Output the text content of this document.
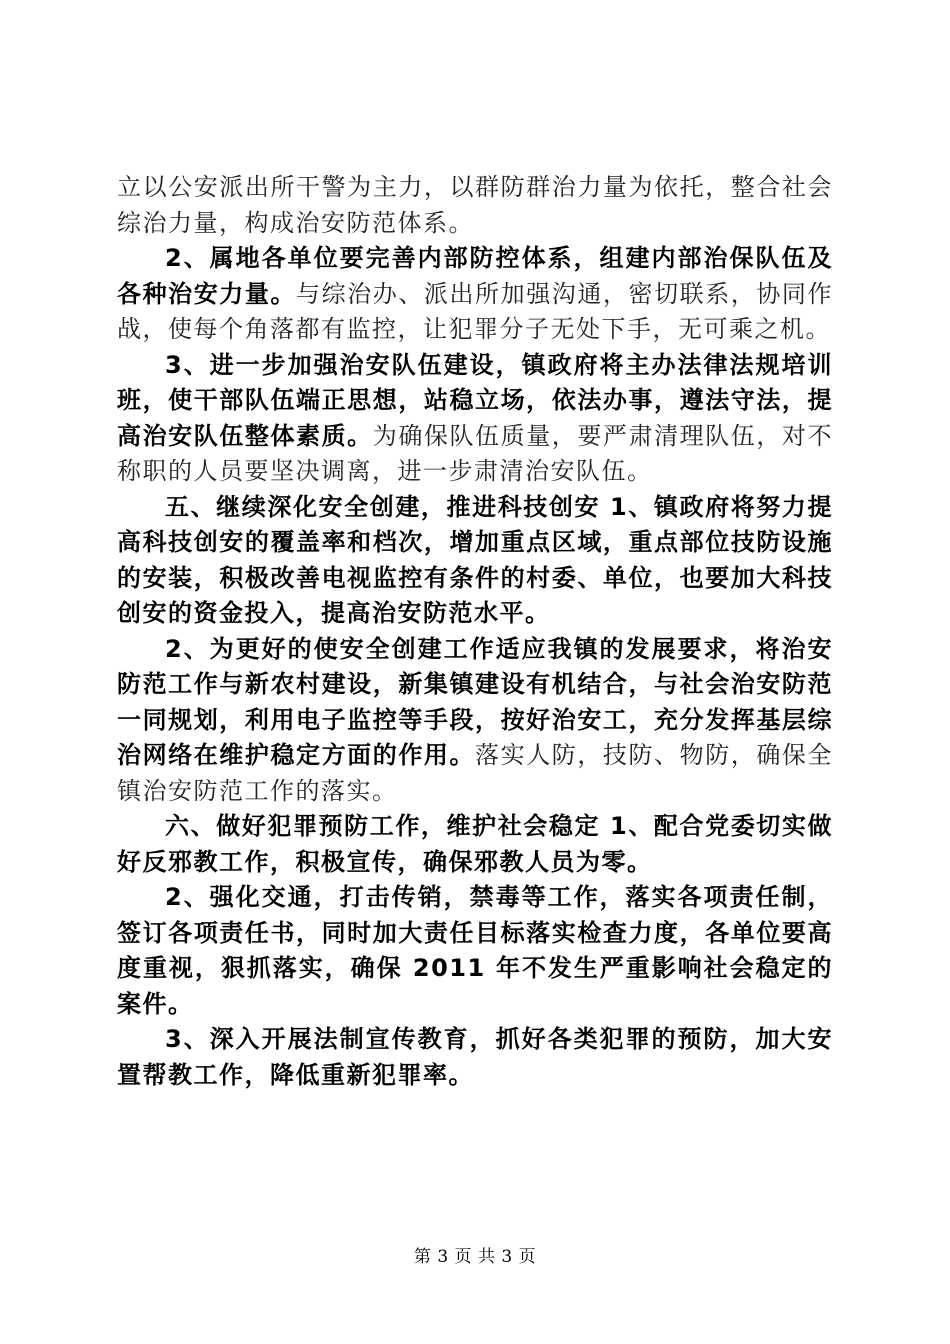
立以公安派出所干警为主力，以群防群治力量为依托，整合社会综治力量，构成治安防范体系。

2、属地各单位要完善内部防控体系，组建内部治保队伍及各种治安力量。与综治办、派出所加强沟通，密切联系，协同作战，使每个角落都有监控，让犯罪分子无处下手，无可乘之机。

3、进一步加强治安队伍建设，镇政府将主办法律法规培训班，使干部队伍端正思想，站稳立场，依法办事，遵法守法，提高治安队伍整体素质。为确保队伍质量，要严肃清理队伍，对不称职的人员要坚决调离，进一步肃清治安队伍。

五、继续深化安全创建，推进科技创安 1、镇政府将努力提高科技创安的覆盖率和档次，增加重点区域，重点部位技防设施的安装，积极改善电视监控有条件的村委、单位，也要加大科技创安的资金投入，提高治安防范水平。

2、为更好的使安全创建工作适应我镇的发展要求，将治安防范工作与新农村建设，新集镇建设有机结合，与社会治安防范一同规划，利用电子监控等手段，按好治安工，充分发挥基层综治网络在维护稳定方面的作用。落实人防，技防、物防，确保全镇治安防范工作的落实。

六、做好犯罪预防工作，维护社会稳定 1、配合党委切实做好反邪教工作，积极宣传，确保邪教人员为零。

2、强化交通，打击传销，禁毒等工作，落实各项责任制，签订各项责任书，同时加大责任目标落实检查力度，各单位要高度重视，狠抓落实，确保 2011 年不发生严重影响社会稳定的案件。

3、深入开展法制宣传教育，抓好各类犯罪的预防，加大安置帮教工作，降低重新犯罪率。

第 3 页 共 3 页
